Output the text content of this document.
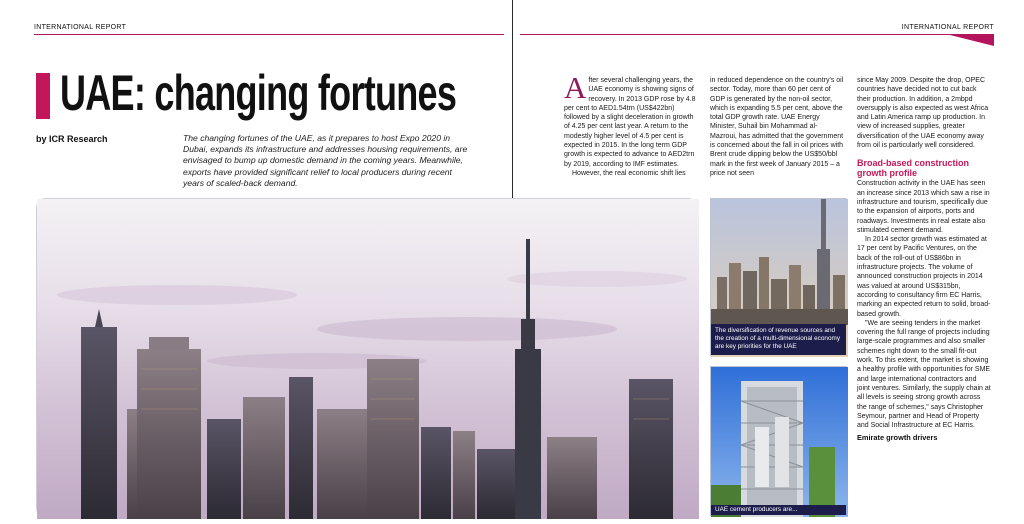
INTERNATIONAL REPORT	INTERNATIONAL REPORT
UAE: changing fortunes
by ICR Research	The changing fortunes of the UAE, as it prepares to host Expo 2020 in Dubai, expands its infrastructure and addresses housing requirements, are envisaged to bump up domestic demand in the coming years. Meanwhile, exports have provided significant relief to local producers during recent years of scaled-back demand.

After several challenging years, the UAE economy is showing signs of recovery. In 2013 GDP rose by 4.8 per cent to AED1.54trn (US$422bn) followed by a slight deceleration in growth of 4.25 per cent last year. A return to the modestly higher level of 4.5 per cent is expected in 2015. In the long term GDP growth is expected to advance to AED2trn by 2019, according to IMF estimates.

However, the real economic shift lies

in reduced dependence on the country's oil sector. Today, more than 60 per cent of GDP is generated by the non-oil sector, which is expanding 5.5 per cent, above the total GDP growth rate. UAE Energy Minister, Suhail bin Mohammad al-Mazroui, has admitted that the government is concerned about the fall in oil prices with Brent crude dipping below the US$50/bbl mark in the first week of January 2015 – a price not seen

since May 2009. Despite the drop, OPEC countries have decided not to cut back their production. In addition, a 2mbpd oversupply is also expected as west Africa and Latin America ramp up production. In view of increased supplies, greater diversification of the UAE economy away from oil is particularly well considered.

Broad-based construction growth profile

Construction activity in the UAE has seen an increase since 2013 which saw a rise in infrastructure and tourism, specifically due to the expansion of airports, ports and roadways. Investments in real estate also stimulated cement demand.

In 2014 sector growth was estimated at 17 per cent by Pacific Ventures, on the back of the roll-out of US$86bn in infrastructure projects. The volume of announced construction projects in 2014 was valued at around US$315bn, according to consultancy firm EC Harris, marking an expected return to solid, broad-based growth.

"We are seeing tenders in the market covering the full range of projects including large-scale programmes and also smaller schemes right down to the small fit-out work. To this extent, the market is showing a healthy profile with opportunities for SME and large international contractors and joint ventures. Similarly, the supply chain at all levels is seeing strong growth across the range of schemes," says Christopher Seymour, partner and Head of Property and Social Infrastructure at EC Harris.

Emirate growth drivers
The diversification of revenue sources and the creation of a multi-dimensional economy are key priorities for the UAE
UAE cement producers are...
